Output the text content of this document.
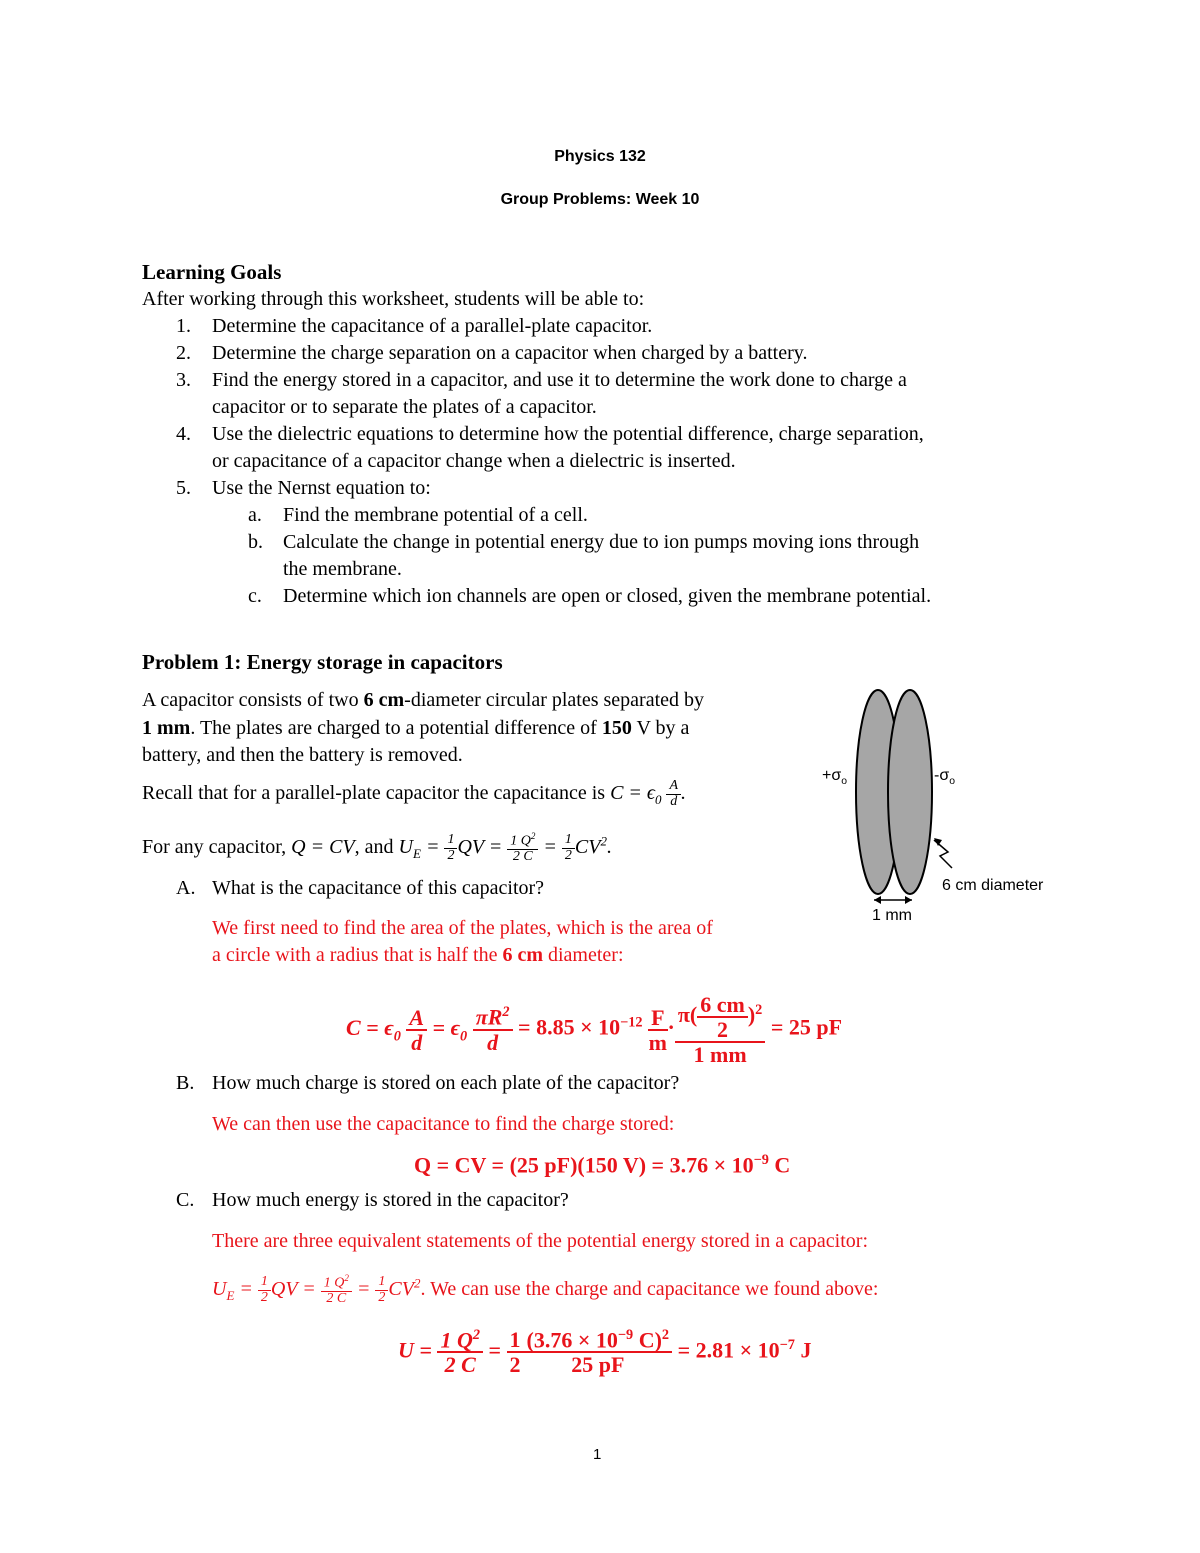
Physics 132
Group Problems: Week 10
Learning Goals
After working through this worksheet, students will be able to:
1. Determine the capacitance of a parallel-plate capacitor.
2. Determine the charge separation on a capacitor when charged by a battery.
3. Find the energy stored in a capacitor, and use it to determine the work done to charge a
capacitor or to separate the plates of a capacitor.
4. Use the dielectric equations to determine how the potential difference, charge separation,
or capacitance of a capacitor change when a dielectric is inserted.
5. Use the Nernst equation to:
a. Find the membrane potential of a cell.
b. Calculate the change in potential energy due to ion pumps moving ions through
the membrane.
c. Determine which ion channels are open or closed, given the membrane potential.
Problem 1: Energy storage in capacitors
A capacitor consists of two 6 cm-diameter circular plates separated by
1 mm. The plates are charged to a potential difference of 150 V by a
battery, and then the battery is removed.
Recall that for a parallel-plate capacitor the capacitance is $C = \epsilon_0 \frac{A}{d}$ .
For any capacitor, Q = CV, and $U_E = \frac{1}{2}$ QV = $\frac{1 Q^2}{2 C} = \frac{1}{2} CV^2$.
A. What is the capacitance of this capacitor?
We first need to find the area of the plates, which is the area of
a circle with a radius that is half the 6 cm diameter:
$C = \epsilon_0 \frac{A}{d} = \epsilon_0 \frac{\pi R^2}{d} = 8.85 \times 10^{-12} \frac{F}{m} \cdot \frac{\pi( \frac{6 cm}{2} )^2}{1 mm} = 25$ pF
B. How much charge is stored on each plate of the capacitor?
We can then use the capacitance to find the charge stored:
Q = CV = (25 pF)(150 $V) = 3.76 \times 10^{-9}$ C
C. How much energy is stored in the capacitor?
There are three equivalent statements of the potential energy stored in a capacitor:
$U_E = \frac{1}{2}$ QV = $\frac{1 Q^2}{2 C} = \frac{1}{2} CV^2$. We can use the charge and capacitance we found above:
$U = \frac{1 Q^2}{2 C} = \frac{1}{2} \frac{(3.76 \times 10^{-9} C)^2}{25 pF} = 2.81 \times 10^{-7}$ J
$+\sigma_o$	$-\sigma_o$
6 cm diameter
1 mm
1
